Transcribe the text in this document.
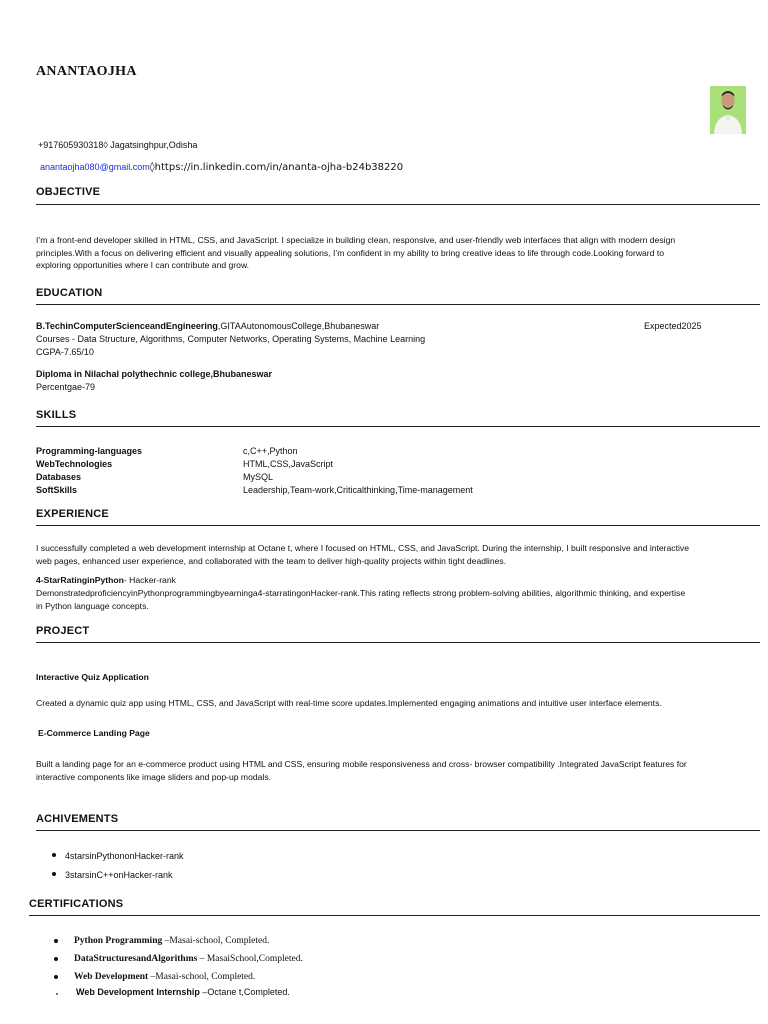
ANANTAOJHA
+917605930318◊ Jagatsinghpur,Odisha
anantaojha080@gmail.com◊https://in.linkedin.com/in/ananta-ojha-b24b38220
OBJECTIVE
I’m a front-end developer skilled in HTML, CSS, and JavaScript. I specialize in building clean, responsive, and user-friendly web interfaces that align with modern design
principles.With a focus on delivering efficient and visually appealing solutions, I’m confident in my ability to bring creative ideas to life through code.Looking forward to
exploring opportunities where I can contribute and grow.
EDUCATION
B.TechinComputerScienceandEngineering,GITAAutonomousCollege,Bhubaneswar	Expected2025
Courses - Data Structure, Algorithms, Computer Networks, Operating Systems, Machine Learning
CGPA-7.65/10
Diploma in Nilachal polythechnic college,Bhubaneswar
Percentgae-79
SKILLS
Programming-languages	c,C++,Python
WebTechnologies	HTML,CSS,JavaScript
Databases	MySQL
SoftSkills	Leadership,Team-work,Criticalthinking,Time-management
EXPERIENCE
I successfully completed a web development internship at Octane t, where I focused on HTML, CSS, and JavaScript. During the internship, I built responsive and interactive
web pages, enhanced user experience, and collaborated with the team to deliver high-quality projects within tight deadlines.
4-StarRatinginPython- Hacker-rank
DemonstratedproficiencyinPythonprogrammingbyearninga4-starratingonHacker-rank.This rating reflects strong problem-solving abilities, algorithmic thinking, and expertise
in Python language concepts.
PROJECT
Interactive Quiz Application
Created a dynamic quiz app using HTML, CSS, and JavaScript with real-time score updates.Implemented engaging animations and intuitive user interface elements.
E-Commerce Landing Page
Built a landing page for an e-commerce product using HTML and CSS, ensuring mobile responsiveness and cross- browser compatibility .Integrated JavaScript features for
interactive components like image sliders and pop-up modals.
ACHIVEMENTS
4starsinPythononHacker-rank
3starsinC++onHacker-rank
CERTIFICATIONS
Python Programming –Masai-school, Completed.
DataStructuresandAlgorithms – MasaiSchool,Completed.
Web Development –Masai-school, Completed.
Web Development Internship –Octane t,Completed.
